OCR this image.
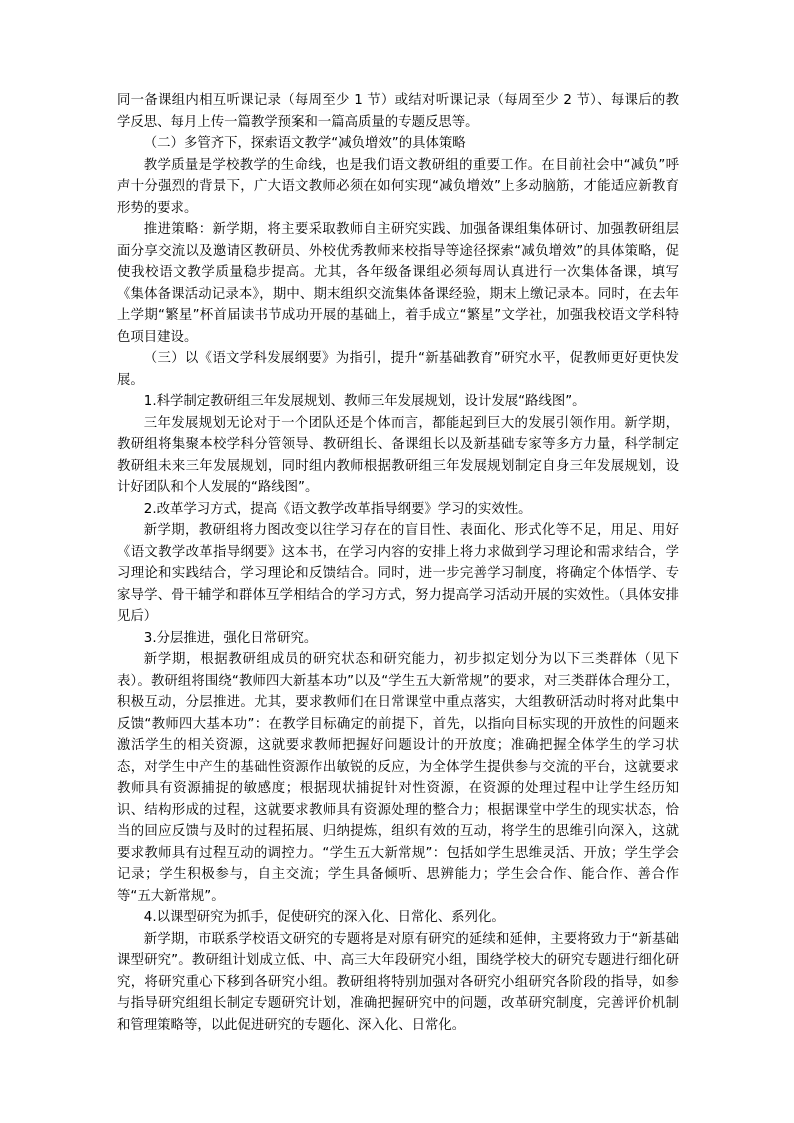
同一备课组内相互听课记录（每周至少 1 节）或结对听课记录（每周至少 2 节）、每课后的教学反思、每月上传一篇教学预案和一篇高质量的专题反思等。

（二）多管齐下，探索语文教学“减负增效”的具体策略

教学质量是学校教学的生命线，也是我们语文教研组的重要工作。在目前社会中“减负”呼声十分强烈的背景下，广大语文教师必须在如何实现“减负增效”上多动脑筋，才能适应新教育形势的要求。

推进策略：新学期，将主要采取教师自主研究实践、加强备课组集体研讨、加强教研组层面分享交流以及邀请区教研员、外校优秀教师来校指导等途径探索“减负增效”的具体策略，促使我校语文教学质量稳步提高。尤其，各年级备课组必须每周认真进行一次集体备课，填写《集体备课活动记录本》，期中、期末组织交流集体备课经验，期末上缴记录本。同时，在去年上学期“繁星”杯首届读书节成功开展的基础上，着手成立“繁星”文学社，加强我校语文学科特色项目建设。

（三）以《语文学科发展纲要》为指引，提升“新基础教育”研究水平，促教师更好更快发展。

1.科学制定教研组三年发展规划、教师三年发展规划，设计发展“路线图”。

三年发展规划无论对于一个团队还是个体而言，都能起到巨大的发展引领作用。新学期，教研组将集聚本校学科分管领导、教研组长、备课组长以及新基础专家等多方力量，科学制定教研组未来三年发展规划，同时组内教师根据教研组三年发展规划制定自身三年发展规划，设计好团队和个人发展的“路线图”。

2.改革学习方式，提高《语文教学改革指导纲要》学习的实效性。

新学期，教研组将力图改变以往学习存在的盲目性、表面化、形式化等不足，用足、用好《语文教学改革指导纲要》这本书，在学习内容的安排上将力求做到学习理论和需求结合，学习理论和实践结合，学习理论和反馈结合。同时，进一步完善学习制度，将确定个体悟学、专家导学、骨干辅学和群体互学相结合的学习方式，努力提高学习活动开展的实效性。（具体安排见后）

3.分层推进，强化日常研究。

新学期，根据教研组成员的研究状态和研究能力，初步拟定划分为以下三类群体（见下表）。教研组将围绕“教师四大新基本功”以及“学生五大新常规”的要求，对三类群体合理分工，积极互动，分层推进。尤其，要求教师们在日常课堂中重点落实，大组教研活动时将对此集中反馈“教师四大基本功”：在教学目标确定的前提下，首先，以指向目标实现的开放性的问题来激活学生的相关资源，这就要求教师把握好问题设计的开放度；准确把握全体学生的学习状态，对学生中产生的基础性资源作出敏锐的反应，为全体学生提供参与交流的平台，这就要求教师具有资源捕捉的敏感度；根据现状捕捉针对性资源，在资源的处理过程中让学生经历知识、结构形成的过程，这就要求教师具有资源处理的整合力；根据课堂中学生的现实状态，恰当的回应反馈与及时的过程拓展、归纳提炼，组织有效的互动，将学生的思维引向深入，这就要求教师具有过程互动的调控力。“学生五大新常规”：包括如学生思维灵活、开放；学生学会记录；学生积极参与，自主交流；学生具备倾听、思辨能力；学生会合作、能合作、善合作等“五大新常规”。

4.以课型研究为抓手，促使研究的深入化、日常化、系列化。

新学期，市联系学校语文研究的专题将是对原有研究的延续和延伸，主要将致力于“新基础课型研究”。教研组计划成立低、中、高三大年段研究小组，围绕学校大的研究专题进行细化研究，将研究重心下移到各研究小组。教研组将特别加强对各研究小组研究各阶段的指导，如参与指导研究组组长制定专题研究计划，准确把握研究中的问题，改革研究制度，完善评价机制和管理策略等，以此促进研究的专题化、深入化、日常化。
